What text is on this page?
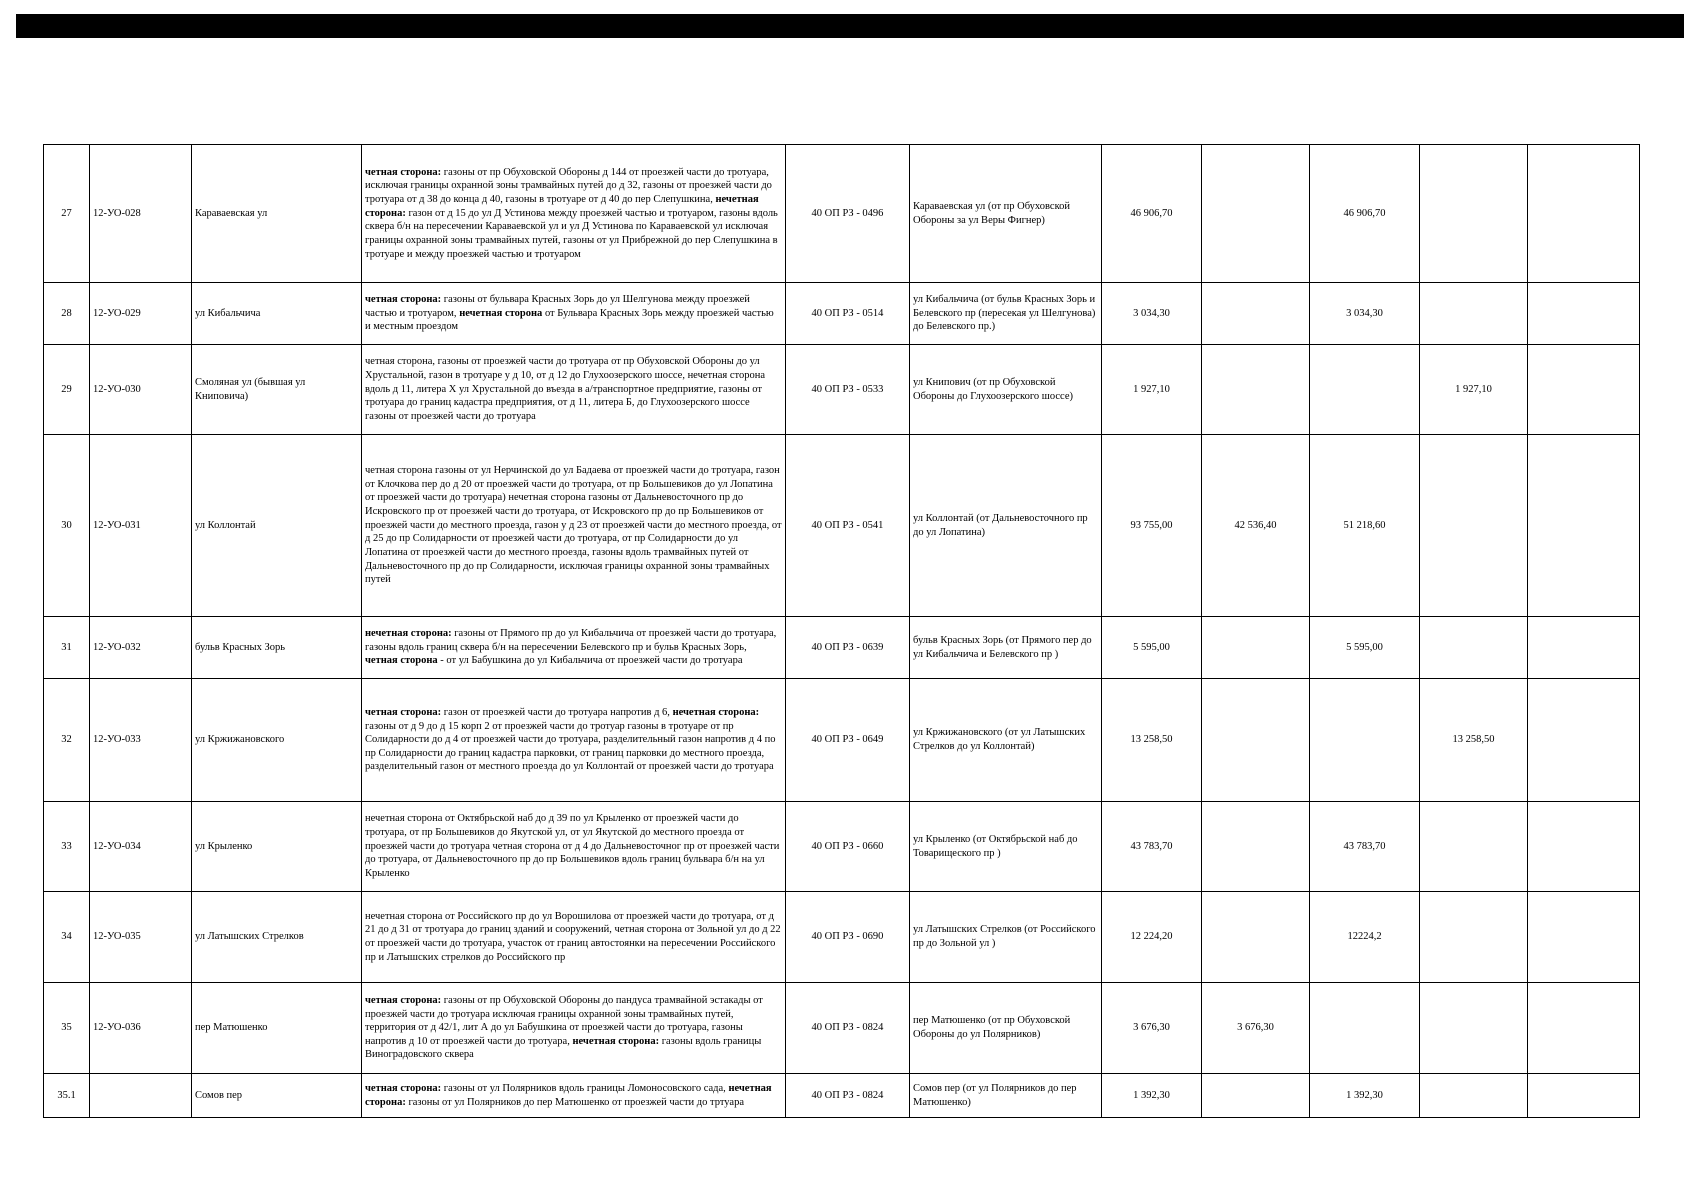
27	12-УО-028	Караваевская ул	четная сторона: газоны от пр Обуховской Обороны д 144 от проезжей части до тротуара, исключая границы охранной зоны трамвайных путей до д 32, газоны от проезжей части до тротуара от д 38 до конца д 40, газоны в тротуаре от д 40 до пер Слепушкина, нечетная сторона: газон от д 15 до ул Д Устинова между проезжей частью и тротуаром, газоны вдоль сквера б/н на пересечении Караваевской ул и ул Д Устинова по Караваевской ул исключая границы охранной зоны трамвайных путей, газоны от ул Прибрежной до пер Слепушкина в тротуаре и между проезжей частью и тротуаром	40 ОП РЗ - 0496	Караваевская ул (от пр Обуховской Обороны за ул Веры Фигнер)	46 906,70		46 906,70		
28	12-УО-029	ул Кибальчича	четная сторона: газоны от бульвара Красных Зорь до ул Шелгунова между проезжей частью и тротуаром, нечетная сторона от Бульвара Красных Зорь между проезжей частью и местным проездом	40 ОП РЗ - 0514	ул Кибальчича (от бульв Красных Зорь и Белевского пр (пересекая ул Шелгунова) до Белевского пр.)	3 034,30		3 034,30		
29	12-УО-030	Смоляная ул (бывшая ул Книповича)	четная сторона, газоны от проезжей части до тротуара от пр Обуховской Обороны до ул Хрустальной, газон в тротуаре у д 10, от д 12 до Глухоозерского шоссе, нечетная сторона вдоль д 11, литера Х ул Хрустальной до въезда в а/транспортное предприятие, газоны от тротуара до границ кадастра предприятия, от д 11, литера Б, до Глухоозерского шоссе газоны от проезжей части до тротуара	40 ОП РЗ - 0533	ул Книпович (от пр Обуховской Обороны до Глухоозерского шоссе)	1 927,10			1 927,10	
30	12-УО-031	ул Коллонтай	четная сторона газоны от ул Нерчинской до ул Бадаева от проезжей части до тротуара, газон от Клочкова пер до д 20 от проезжей части до тротуара, от пр Большевиков до ул Лопатина от проезжей части до тротуара) нечетная сторона газоны от Дальневосточного пр до Искровского пр от проезжей части до тротуара, от Искровского пр до пр Большевиков от проезжей части до местного проезда, газон у д 23 от проезжей части до местного проезда, от д 25 до пр Солидарности от проезжей части до тротуара, от пр Солидарности до ул Лопатина от проезжей части до местного проезда, газоны вдоль трамвайных путей от Дальневосточного пр до пр Солидарности, исключая границы охранной зоны трамвайных путей	40 ОП РЗ - 0541	ул Коллонтай (от Дальневосточного пр до ул Лопатина)	93 755,00	42 536,40	51 218,60		
31	12-УО-032	бульв Красных Зорь	нечетная сторона: газоны от Прямого пр до ул Кибальчича от проезжей части до тротуара, газоны вдоль границ сквера б/н на пересечении Белевского пр и бульв Красных Зорь, четная сторона - от ул Бабушкина до ул Кибальчича от проезжей части до тротуара	40 ОП РЗ - 0639	бульв Красных Зорь (от Прямого пер до ул Кибальчича и Белевского пр )	5 595,00		5 595,00		
32	12-УО-033	ул Кржижановского	четная сторона: газон от проезжей части до тротуара напротив д 6, нечетная сторона: газоны от д 9 до д 15 корп 2 от проезжей части до тротуар газоны в тротуаре от пр Солидарности до д 4 от проезжей части до тротуара, разделительный газон напротив д 4 по пр Солидарности до границ кадастра парковки, от границ парковки до местного проезда, разделительный газон от местного проезда до ул Коллонтай от проезжей части до тротуара	40 ОП РЗ - 0649	ул Кржижановского (от ул Латышских Стрелков до ул Коллонтай)	13 258,50			13 258,50	
33	12-УО-034	ул Крыленко	нечетная сторона от Октябрьской наб до д 39 по ул Крыленко от проезжей части до тротуара, от пр Большевиков до Якутской ул, от ул Якутской до местного проезда от проезжей части до тротуара четная сторона от д 4 до Дальневосточног пр от проезжей части до тротуара, от Дальневосточного пр до пр Большевиков вдоль границ бульвара б/н на ул Крыленко	40 ОП РЗ - 0660	ул Крыленко (от Октябрьской наб до Товарищеского пр )	43 783,70		43 783,70		
34	12-УО-035	ул Латышских Стрелков	нечетная сторона от Российского пр до ул Ворошилова от проезжей части до тротуара, от д 21 до д 31 от тротуара до границ зданий и сооружений, четная сторона от Зольной ул до д 22 от проезжей части до тротуара, участок от границ автостоянки на пересечении Российского пр и Латышских стрелков до Российского пр	40 ОП РЗ - 0690	ул Латышских Стрелков (от Российского пр до Зольной ул )	12 224,20		12224,2		
35	12-УО-036	пер Матюшенко	четная сторона: газоны от пр Обуховской Обороны до пандуса трамвайной эстакады от проезжей части до тротуара исключая границы охранной зоны трамвайных путей, территория от д 42/1, лит А до ул Бабушкина от проезжей части до тротуара, газоны напротив д 10 от проезжей части до тротуара, нечетная сторона: газоны вдоль границы Виноградовского сквера	40 ОП РЗ - 0824	пер Матюшенко (от пр Обуховской Обороны до ул Полярников)	3 676,30	3 676,30			
35.1		Сомов пер	четная сторона: газоны от ул Полярников вдоль границы Ломоносовского сада, нечетная сторона: газоны от ул Полярников до пер Матюшенко от проезжей части до тртуара	40 ОП РЗ - 0824	Сомов пер (от ул Полярников до пер Матюшенко)	1 392,30		1 392,30		
